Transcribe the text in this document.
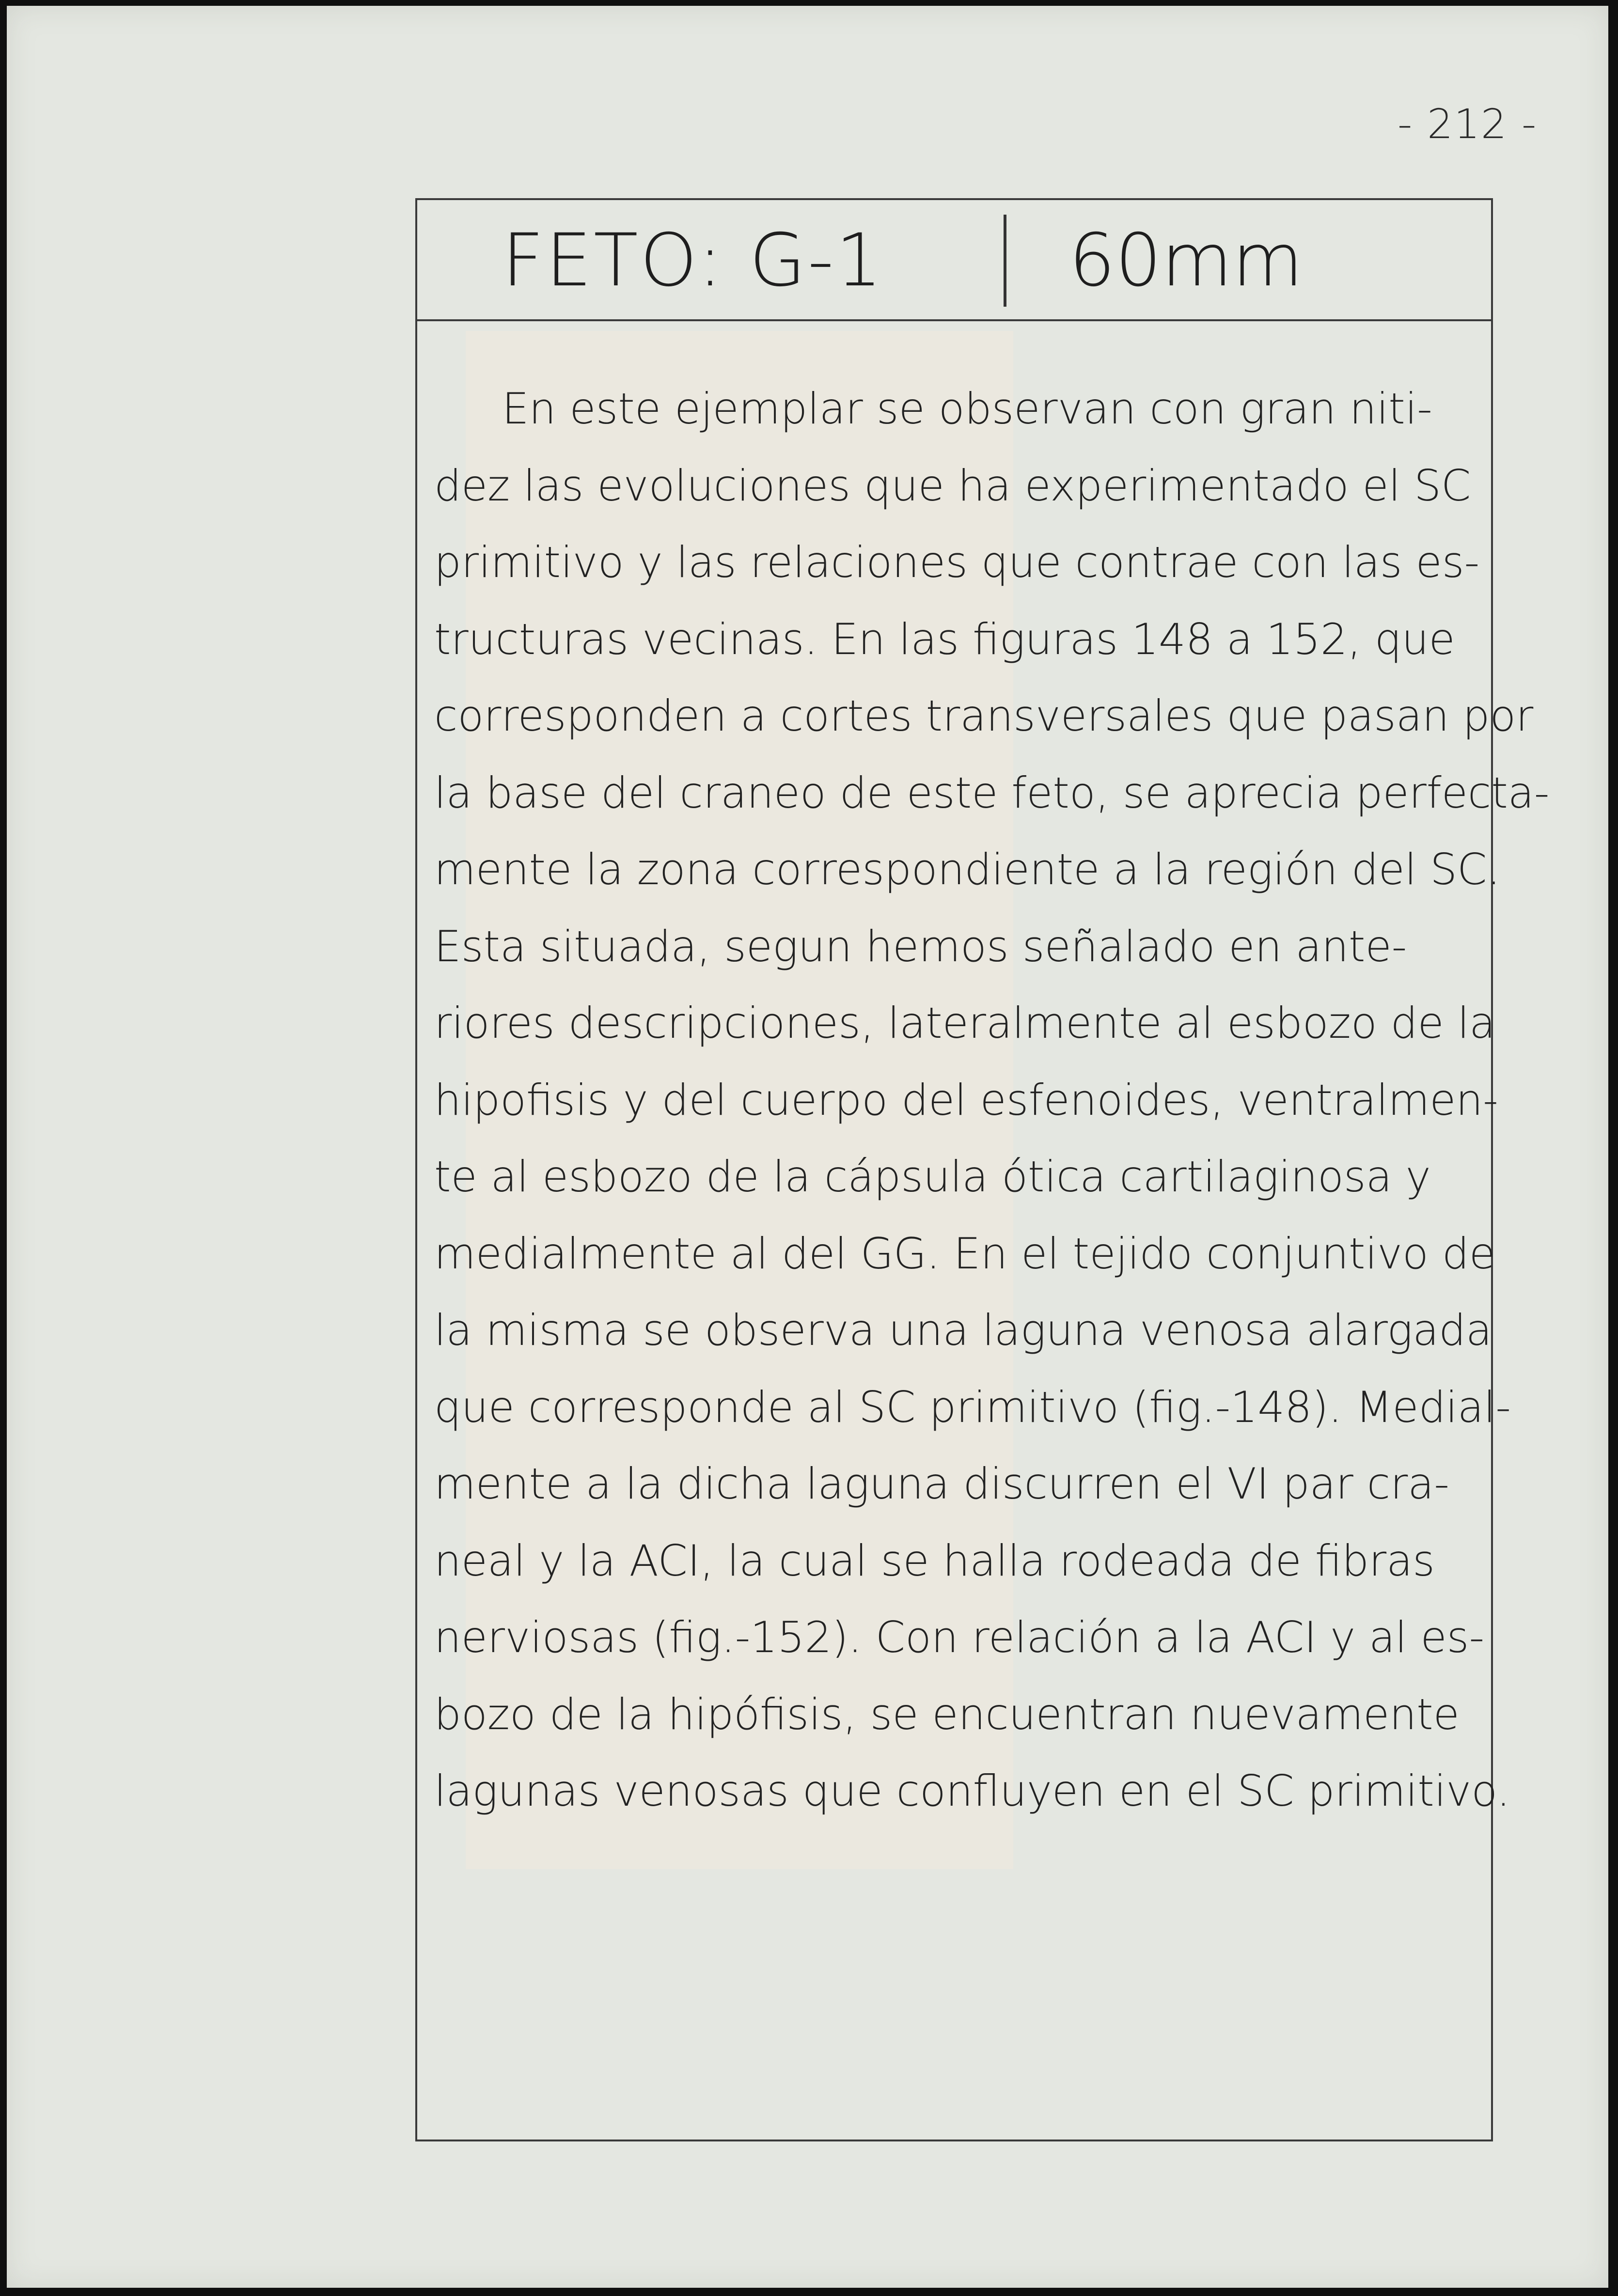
- 212 -
FETO: G-1	60mm
En este ejemplar se observan con gran niti-
dez las evoluciones que ha experimentado el SC
primitivo y las relaciones que contrae con las es-
tructuras vecinas. En las figuras 148 a 152, que
corresponden a cortes transversales que pasan por
la base del craneo de este feto, se aprecia perfecta-
mente la zona correspondiente a la región del SC.
Esta situada, segun hemos señalado en ante-
riores descripciones, lateralmente al esbozo de la
hipofisis y del cuerpo del esfenoides, ventralmen-
te al esbozo de la cápsula ótica cartilaginosa y
medialmente al del GG. En el tejido conjuntivo de
la misma se observa una laguna venosa alargada
que corresponde al SC primitivo (fig.-148). Medial-
mente a la dicha laguna discurren el VI par cra-
neal y la ACI, la cual se halla rodeada de fibras
nerviosas (fig.-152). Con relación a la ACI y al es-
bozo de la hipófisis, se encuentran nuevamente
lagunas venosas que confluyen en el SC primitivo.
